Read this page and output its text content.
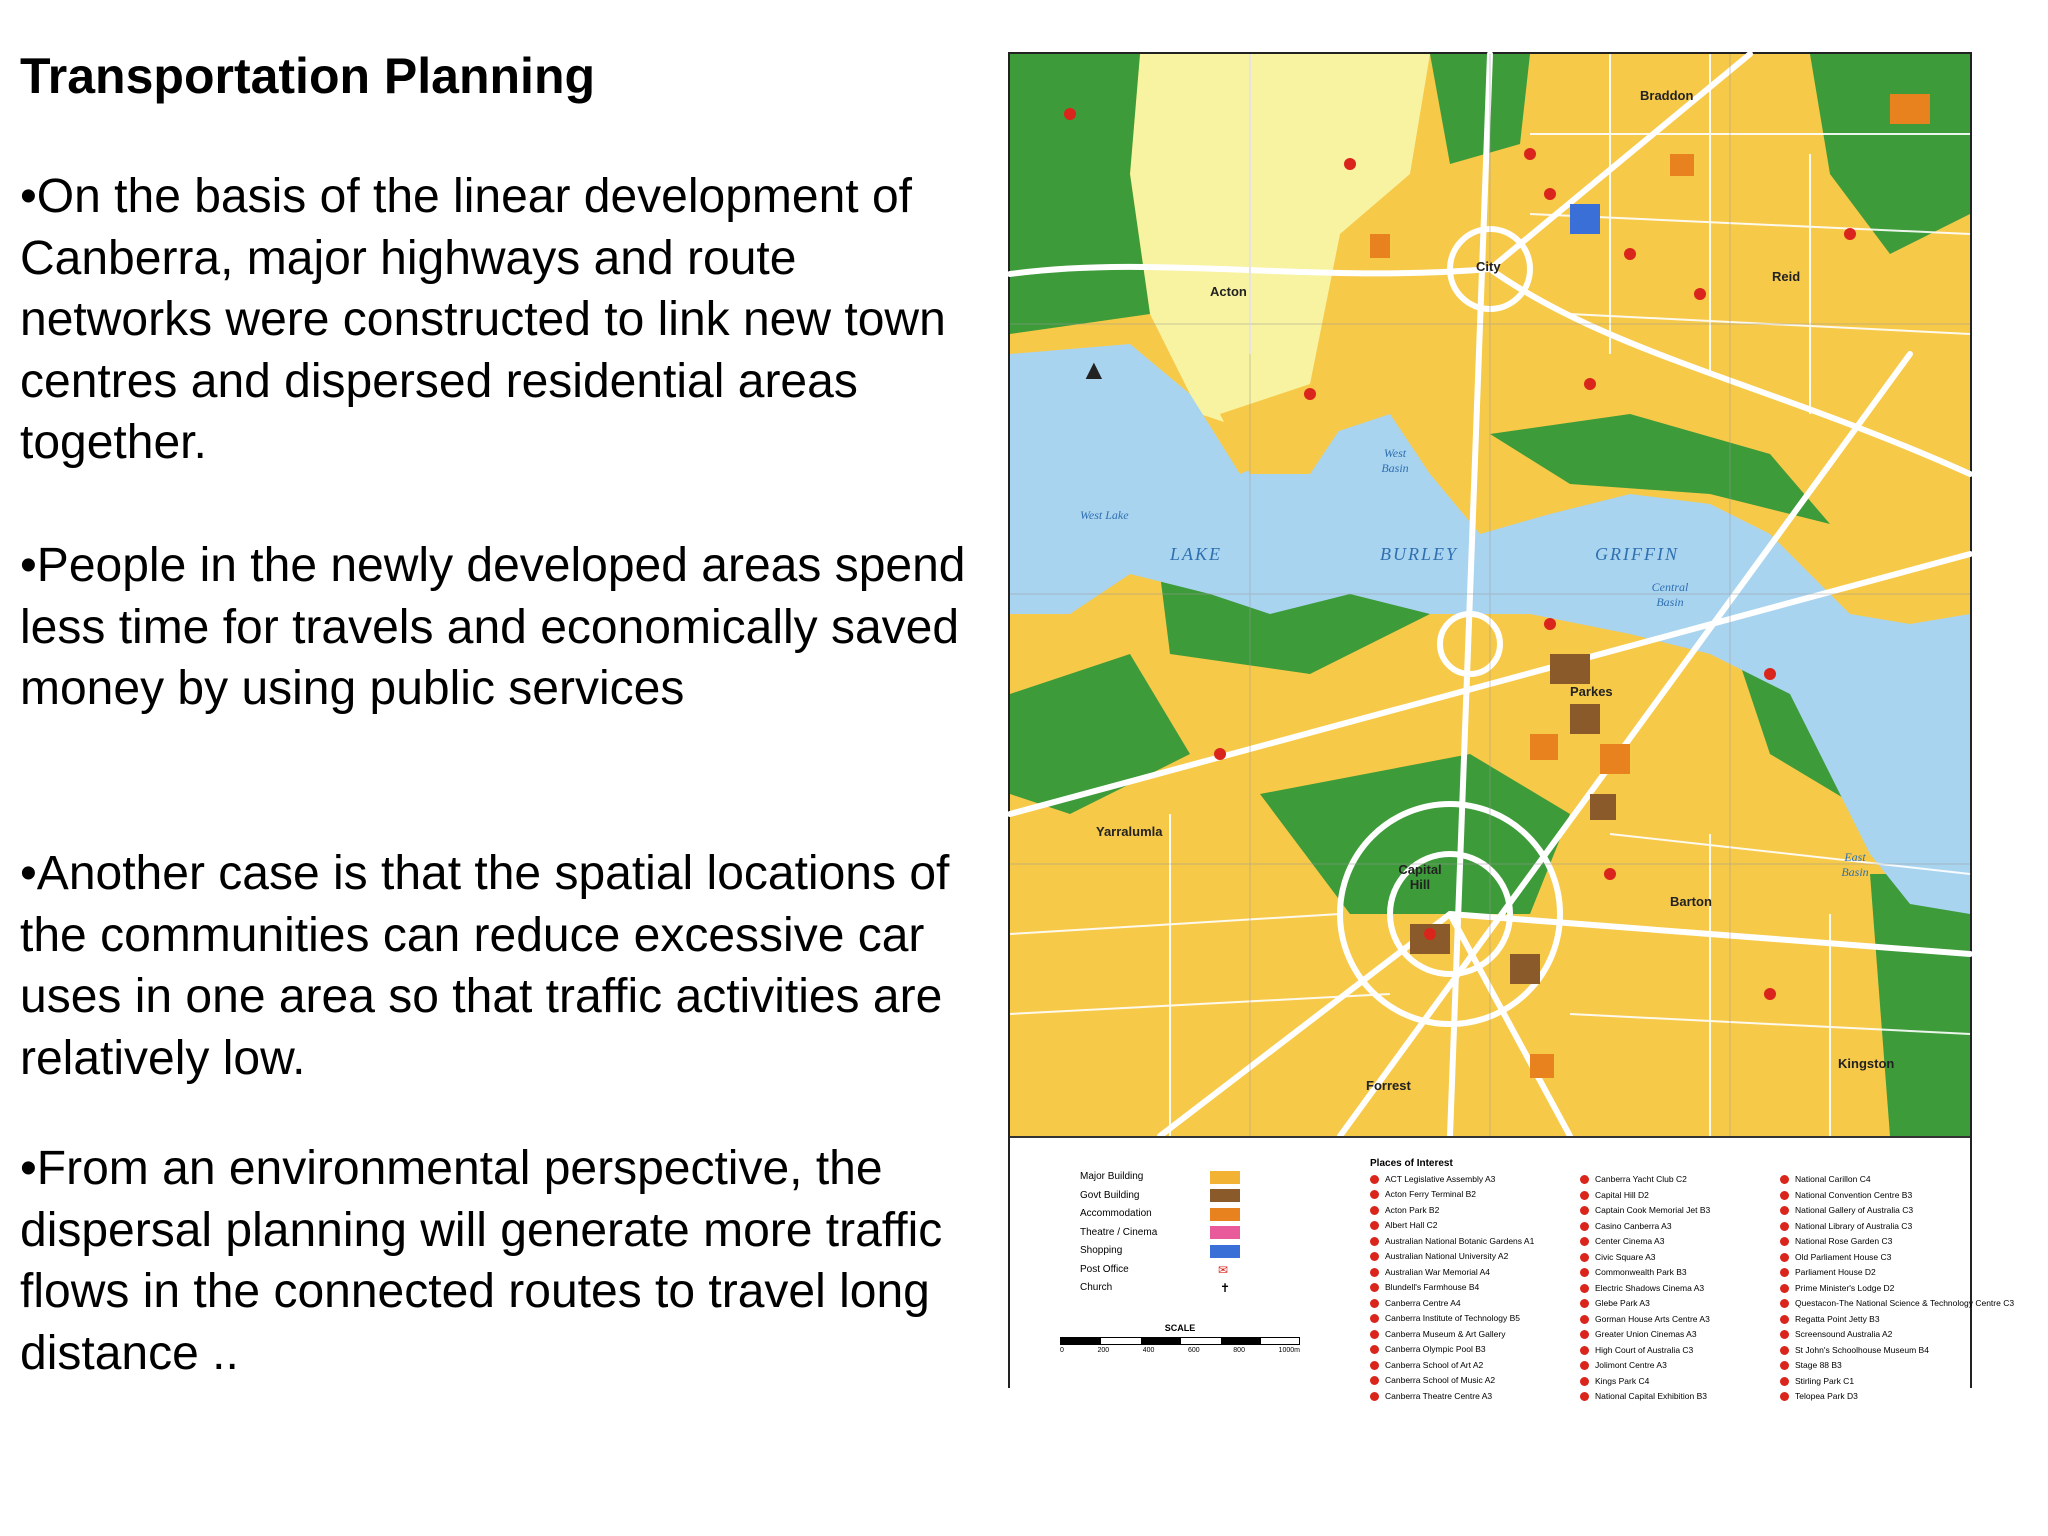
Transportation Planning

•On the basis of the linear development of Canberra, major highways and route networks were constructed to link new town centres and dispersed residential areas together.

•People in the newly developed areas spend less time for travels and economically saved money by using public services

•Another case is that the spatial locations of the communities can reduce excessive car uses in one area so that traffic activities are relatively low.

•From an environmental perspective, the dispersal planning will generate more traffic flows in the connected routes to travel long distance ..

▲
Braddon
Acton
City
Reid
Parkes
Yarralumla
Capital Hill
Barton
Forrest
Kingston
LAKE	BURLEY	GRIFFIN
West Lake
West Basin
Central Basin
East Basin
Major Building
Govt Building
Accommodation
Theatre / Cinema
Shopping
Post Office	✉
Church	✝
SCALE
0	200	400	600	800	1000m
Places of Interest
ACT Legislative Assembly A3
Acton Ferry Terminal B2
Acton Park B2
Albert Hall C2
Australian National Botanic Gardens A1
Australian National University A2
Australian War Memorial A4
Blundell's Farmhouse B4
Canberra Centre A4
Canberra Institute of Technology B5
Canberra Museum & Art Gallery
Canberra Olympic Pool B3
Canberra School of Art A2
Canberra School of Music A2
Canberra Theatre Centre A3
Canberra Yacht Club C2
Capital Hill D2
Captain Cook Memorial Jet B3
Casino Canberra A3
Center Cinema A3
Civic Square A3
Commonwealth Park B3
Electric Shadows Cinema A3
Glebe Park A3
Gorman House Arts Centre A3
Greater Union Cinemas A3
High Court of Australia C3
Jolimont Centre A3
Kings Park C4
National Capital Exhibition B3
National Carillon C4
National Convention Centre B3
National Gallery of Australia C3
National Library of Australia C3
National Rose Garden C3
Old Parliament House C3
Parliament House D2
Prime Minister's Lodge D2
Questacon-The National Science & Technology Centre C3
Regatta Point Jetty B3
Screensound Australia A2
St John's Schoolhouse Museum B4
Stage 88 B3
Stirling Park C1
Telopea Park D3
